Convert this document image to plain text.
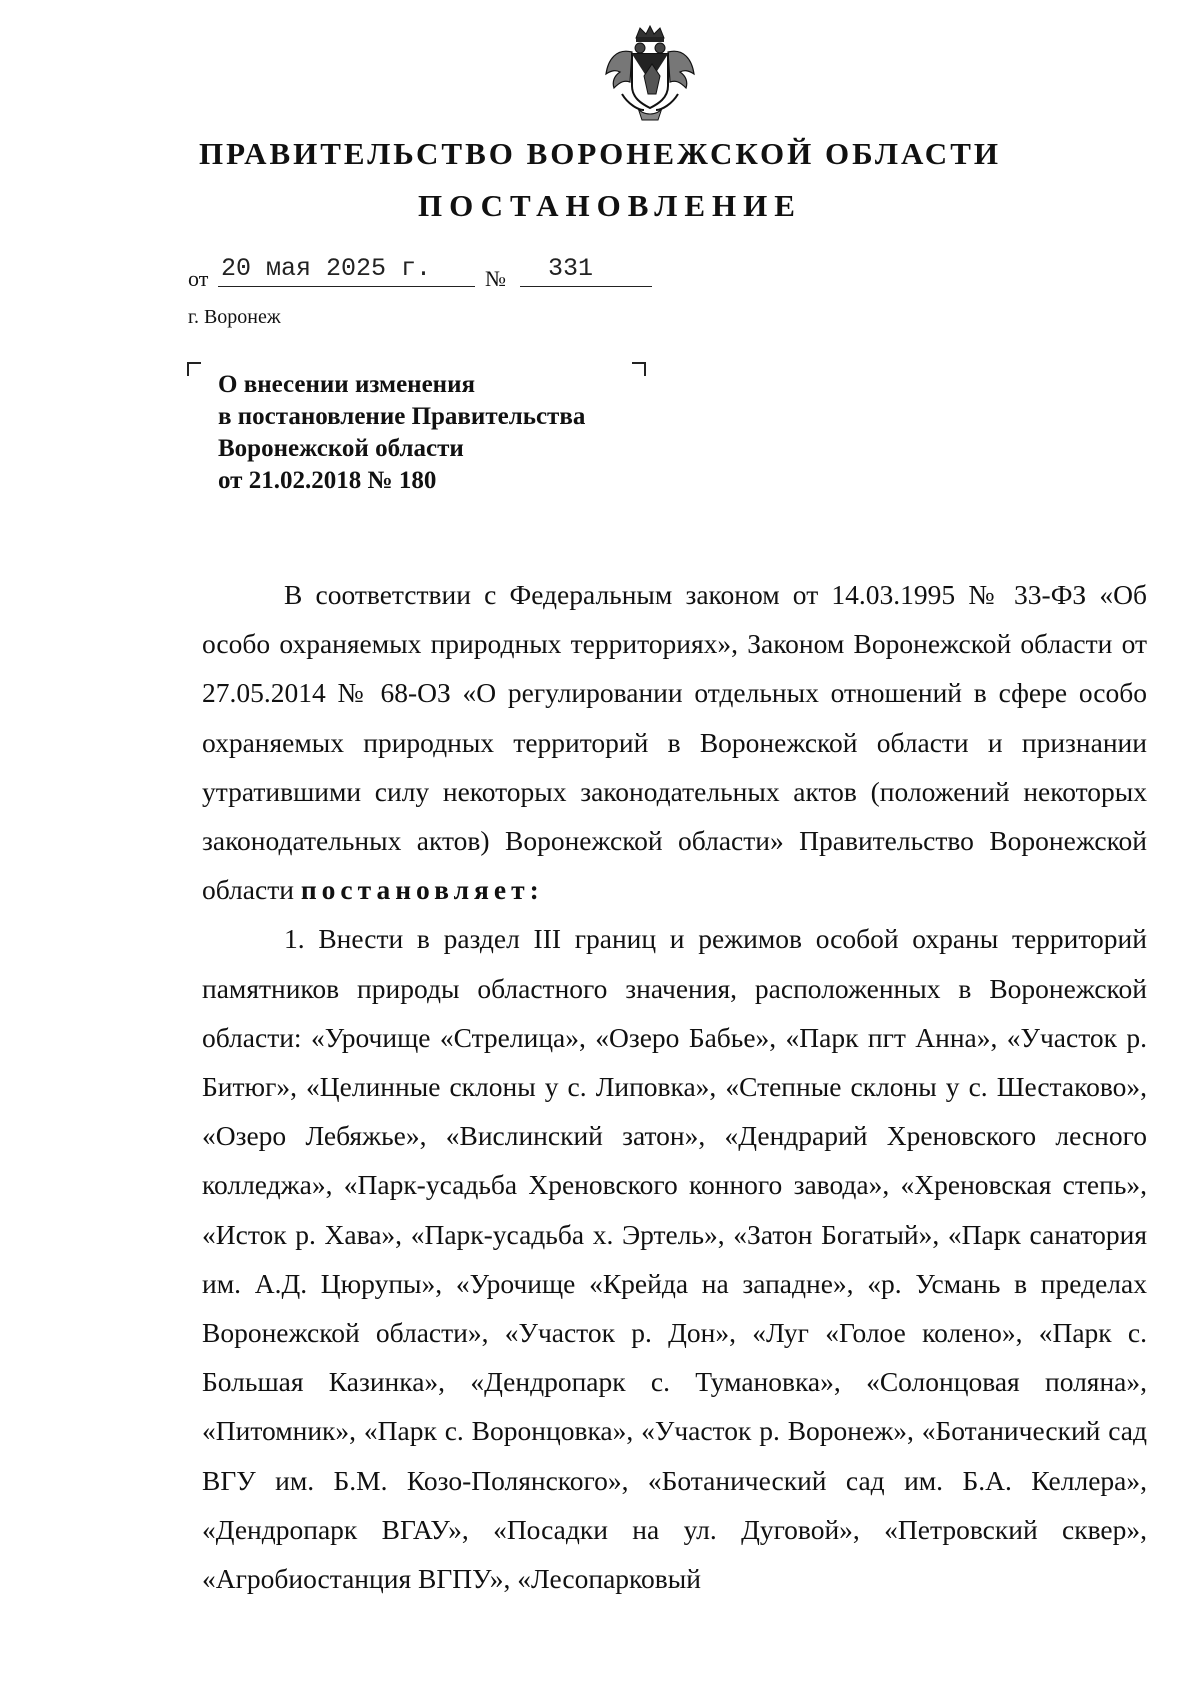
ПРАВИТЕЛЬСТВО ВОРОНЕЖСКОЙ ОБЛАСТИ
ПОСТАНОВЛЕНИЕ
от 20 мая 2025 г.	№	331
г. Воронеж
О внесении изменения
в постановление Правительства
Воронежской области
от 21.02.2018 № 180

В соответствии с Федеральным законом от 14.03.1995 № 33-ФЗ «Об особо охраняемых природных территориях», Законом Воронежской области от 27.05.2014 № 68-ОЗ «О регулировании отдельных отношений в сфере особо охраняемых природных территорий в Воронежской области и признании утратившими силу некоторых законодательных актов (положений некоторых законодательных актов) Воронежской области» Правительство Воронежской области постановляет:

1. Внести в раздел III границ и режимов особой охраны территорий памятников природы областного значения, расположенных в Воронежской области: «Урочище «Стрелица», «Озеро Бабье», «Парк пгт Анна», «Участок р. Битюг», «Целинные склоны у с. Липовка», «Степные склоны у с. Шестаково», «Озеро Лебяжье», «Вислинский затон», «Дендрарий Хреновского лесного колледжа», «Парк-усадьба Хреновского конного завода», «Хреновская степь», «Исток р. Хава», «Парк-усадьба х. Эртель», «Затон Богатый», «Парк санатория им. А.Д. Цюрупы», «Урочище «Крейда на западне», «р. Усмань в пределах Воронежской области», «Участок р. Дон», «Луг «Голое колено», «Парк с. Большая Казинка», «Дендропарк с. Тумановка», «Солонцовая поляна», «Питомник», «Парк с. Воронцовка», «Участок р. Воронеж», «Ботанический сад ВГУ им. Б.М. Козо-Полянского», «Ботанический сад им. Б.А. Келлера», «Дендропарк ВГАУ», «Посадки на ул. Дуговой», «Петровский сквер», «Агробиостанция ВГПУ», «Лесопарковый
